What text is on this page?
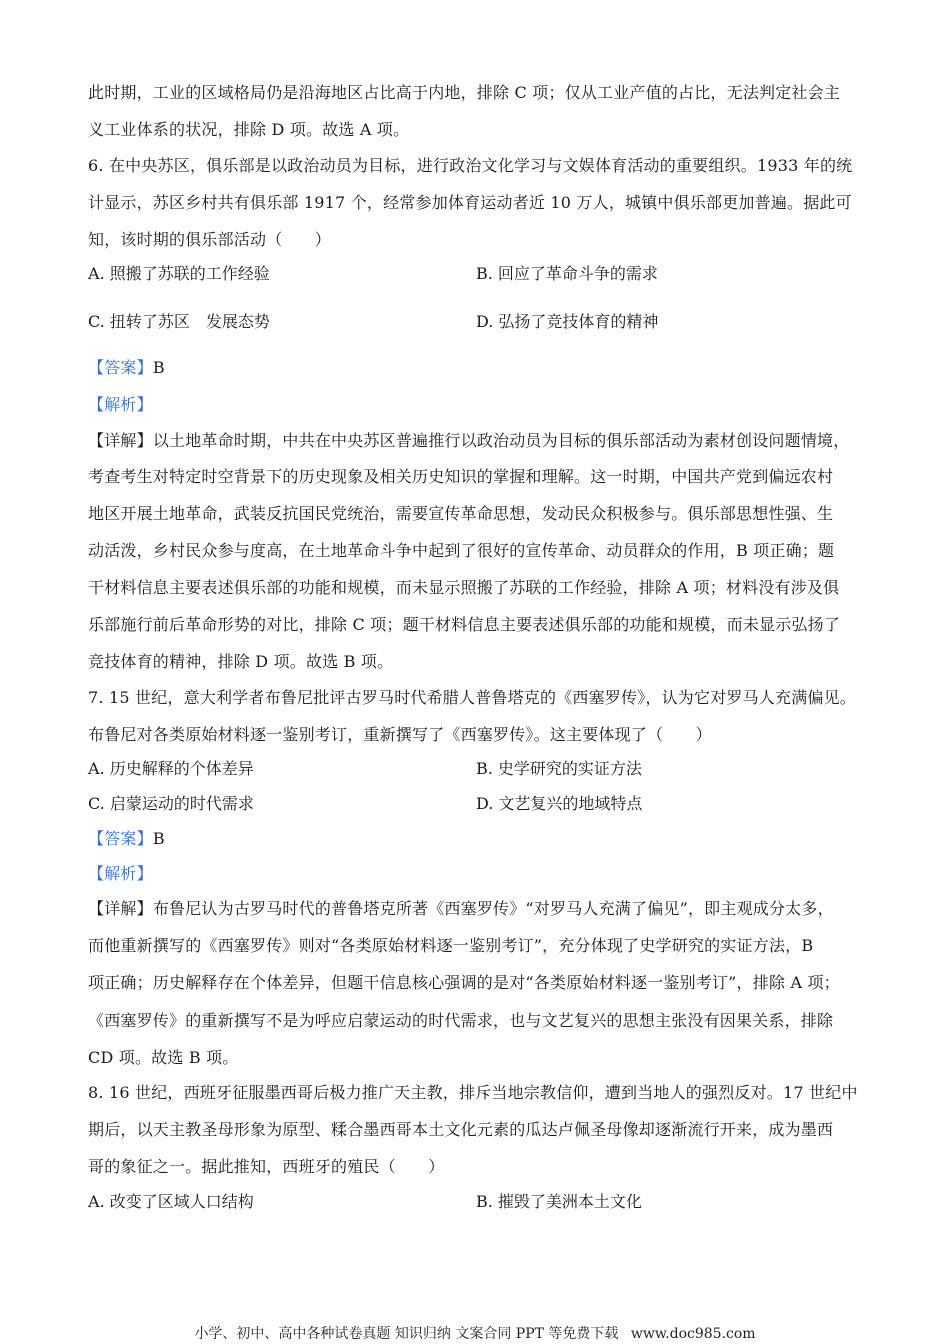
此时期，工业的区域格局仍是沿海地区占比高于内地，排除 C 项；仅从工业产值的占比，无法判定社会主
义工业体系的状况，排除 D 项。故选 A 项。
6. 在中央苏区，俱乐部是以政治动员为目标，进行政治文化学习与文娱体育活动的重要组织。1933 年的统
计显示，苏区乡村共有俱乐部 1917 个，经常参加体育运动者近 10 万人，城镇中俱乐部更加普遍。据此可
知，该时期的俱乐部活动（　　）
A. 照搬了苏联的工作经验	B. 回应了革命斗争的需求
C. 扭转了苏区　发展态势	D. 弘扬了竞技体育的精神
【答案】B
【解析】
【详解】以土地革命时期，中共在中央苏区普遍推行以政治动员为目标的俱乐部活动为素材创设问题情境，
考查考生对特定时空背景下的历史现象及相关历史知识的掌握和理解。这一时期，中国共产党到偏远农村
地区开展土地革命，武装反抗国民党统治，需要宣传革命思想，发动民众积极参与。俱乐部思想性强、生
动活泼，乡村民众参与度高，在土地革命斗争中起到了很好的宣传革命、动员群众的作用，B 项正确；题
干材料信息主要表述俱乐部的功能和规模，而未显示照搬了苏联的工作经验，排除 A 项；材料没有涉及俱
乐部施行前后革命形势的对比，排除 C 项；题干材料信息主要表述俱乐部的功能和规模，而未显示弘扬了
竞技体育的精神，排除 D 项。故选 B 项。
7. 15 世纪，意大利学者布鲁尼批评古罗马时代希腊人普鲁塔克的《西塞罗传》，认为它对罗马人充满偏见。
布鲁尼对各类原始材料逐一鉴别考订，重新撰写了《西塞罗传》。这主要体现了（　　）
A. 历史解释的个体差异	B. 史学研究的实证方法
C. 启蒙运动的时代需求	D. 文艺复兴的地域特点
【答案】B
【解析】
【详解】布鲁尼认为古罗马时代的普鲁塔克所著《西塞罗传》“对罗马人充满了偏见”，即主观成分太多，
而他重新撰写的《西塞罗传》则对“各类原始材料逐一鉴别考订”，充分体现了史学研究的实证方法，B
项正确；历史解释存在个体差异，但题干信息核心强调的是对“各类原始材料逐一鉴别考订”，排除 A 项；
《西塞罗传》的重新撰写不是为呼应启蒙运动的时代需求，也与文艺复兴的思想主张没有因果关系，排除
CD 项。故选 B 项。
8. 16 世纪，西班牙征服墨西哥后极力推广天主教，排斥当地宗教信仰，遭到当地人的强烈反对。17 世纪中
期后，以天主教圣母形象为原型、糅合墨西哥本土文化元素的瓜达卢佩圣母像却逐渐流行开来，成为墨西
哥的象征之一。据此推知，西班牙的殖民（　　）
A. 改变了区域人口结构	B. 摧毁了美洲本土文化
小学、初中、高中各种试卷真题 知识归纳 文案合同 PPT 等免费下载 www.doc985.com
